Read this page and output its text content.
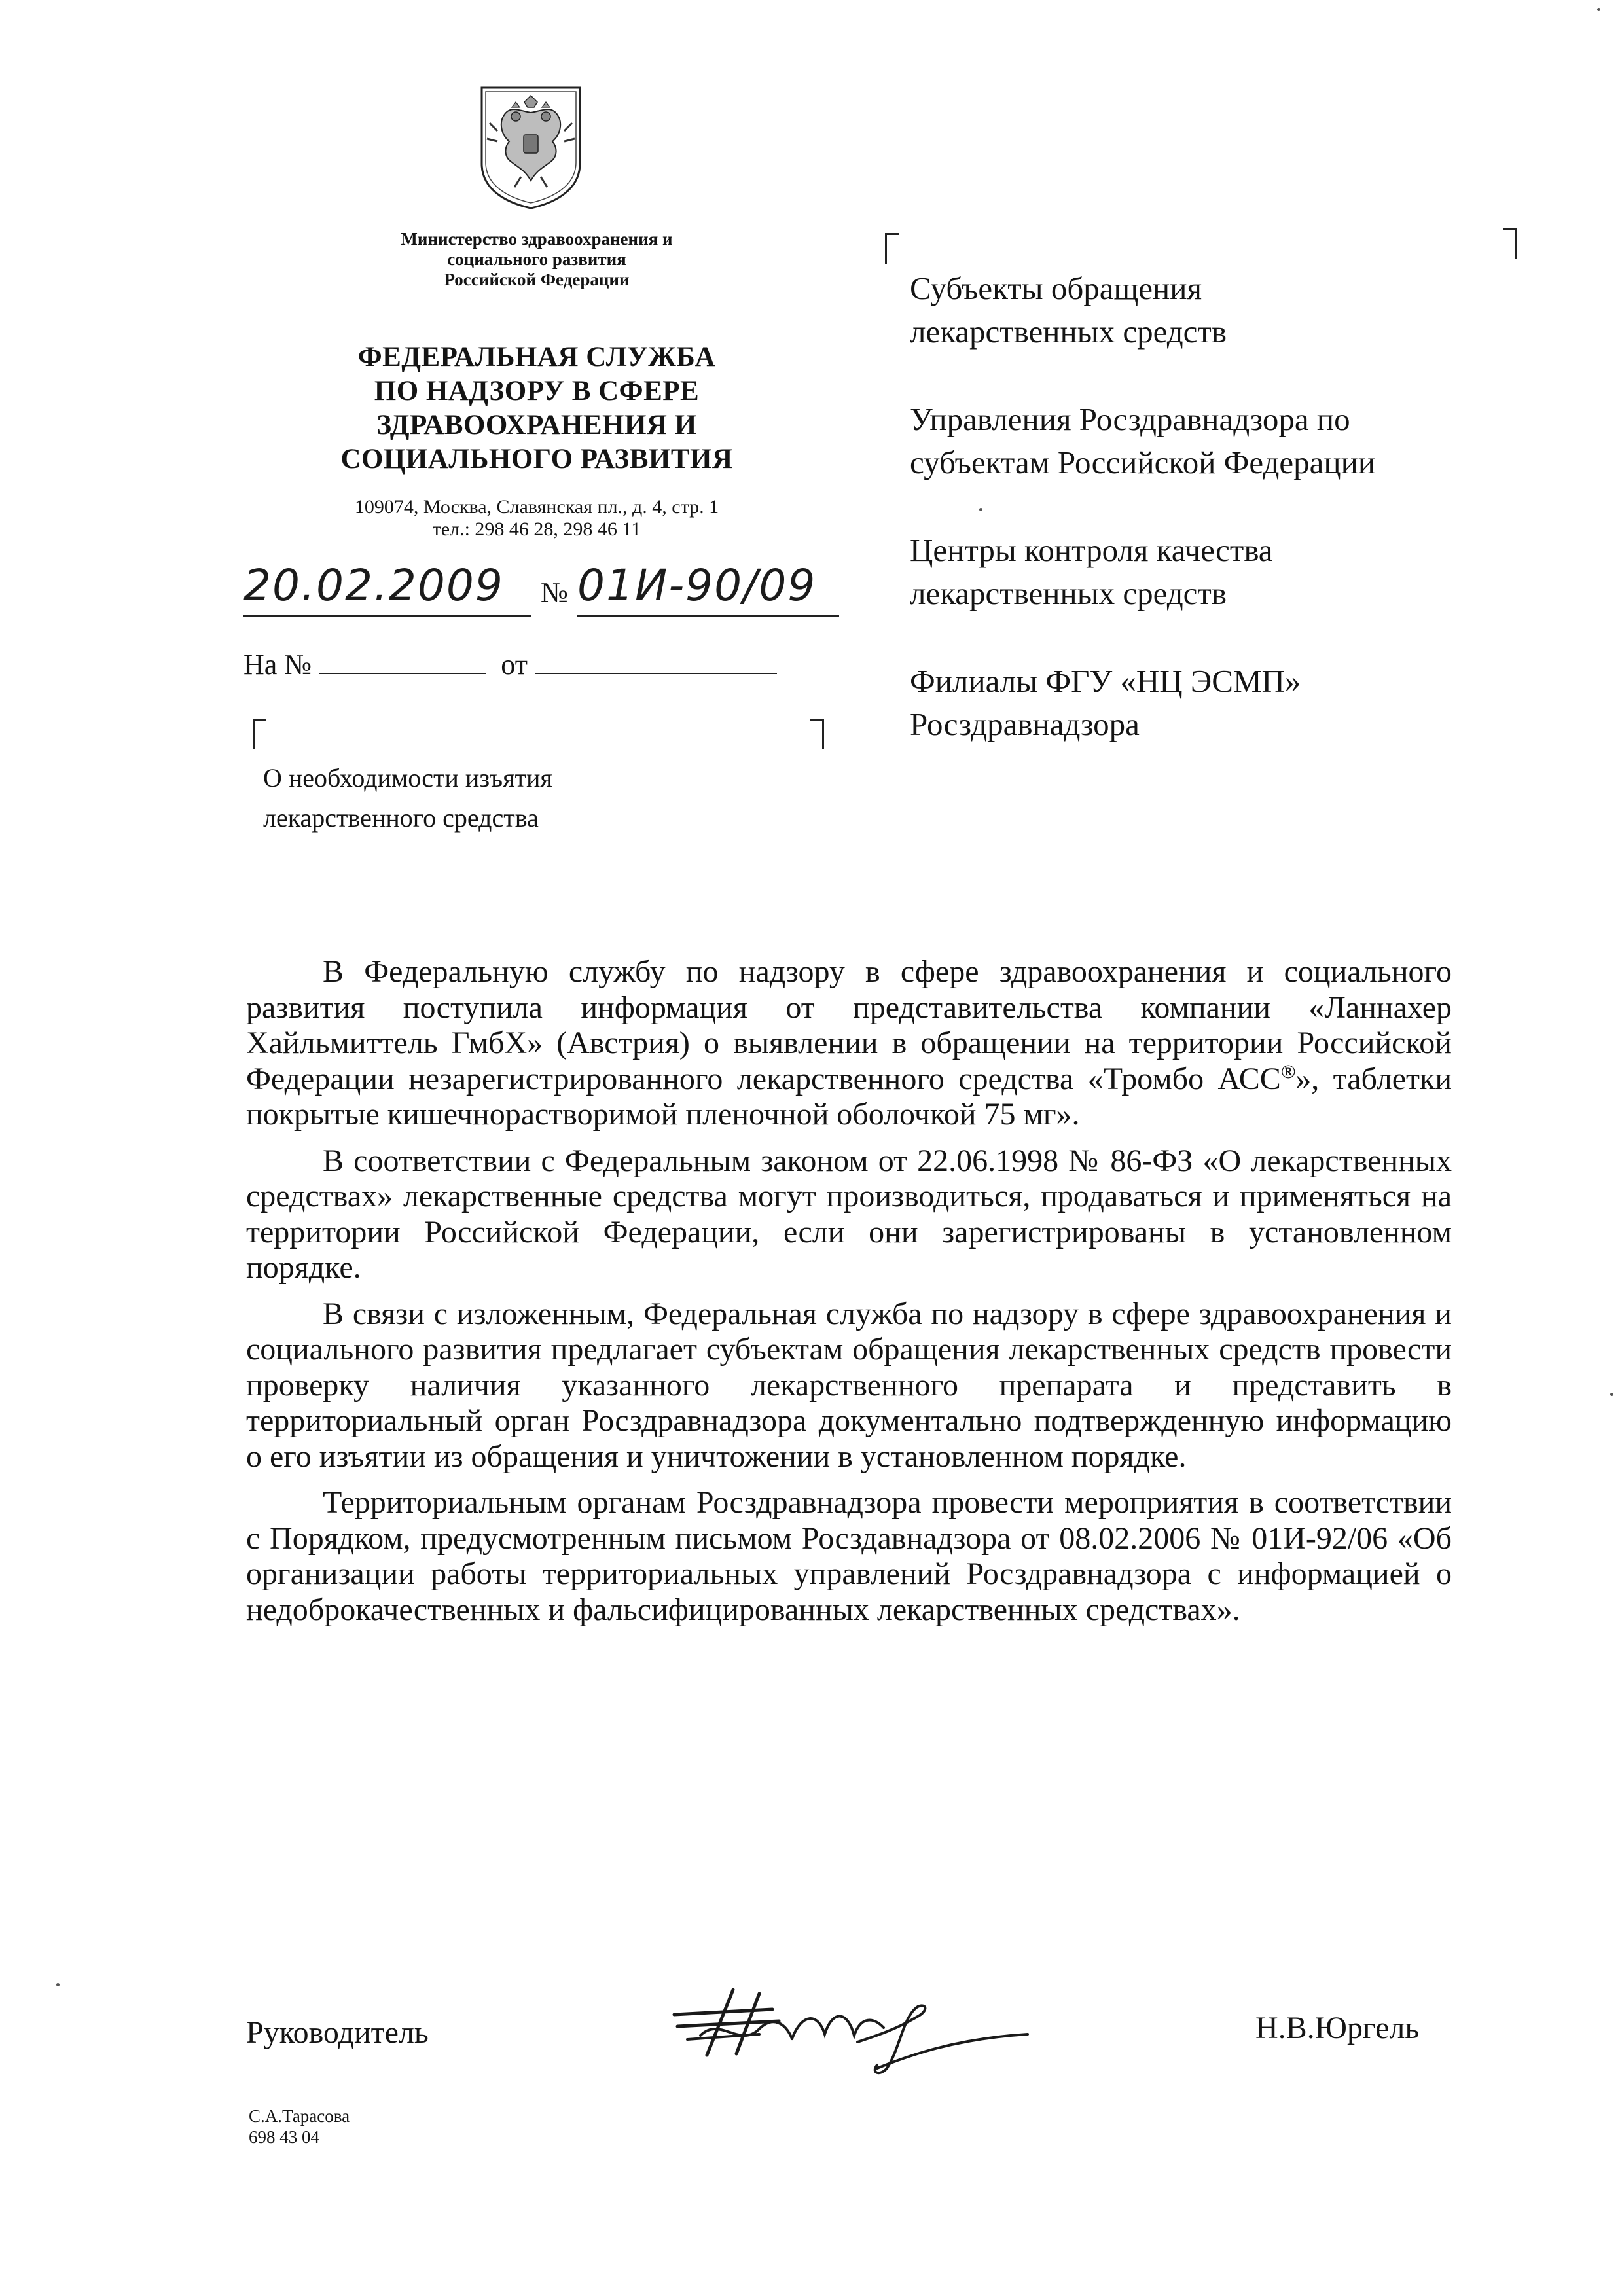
Министерство здравоохранения и
социального развития
Российской Федерации
ФЕДЕРАЛЬНАЯ СЛУЖБА
ПО НАДЗОРУ В СФЕРЕ
ЗДРАВООХРАНЕНИЯ И
СОЦИАЛЬНОГО РАЗВИТИЯ
109074, Москва, Славянская пл., д. 4, стр. 1
тел.: 298 46 28, 298 46 11
20.02.2009	№ 01И-90/09
На №	от
О необходимости изъятия
лекарственного средства
Субъекты обращения
лекарственных средств
Управления Росздравнадзора по
субъектам Российской Федерации
Центры контроля качества
лекарственных средств
Филиалы ФГУ «НЦ ЭСМП»
Росздравнадзора

В Федеральную службу по надзору в сфере здравоохранения и социального развития поступила информация от представительства компании «Ланнахер Хайльмиттель ГмбХ» (Австрия) о выявлении в обращении на территории Российской Федерации незарегистрированного лекарственного средства «Тромбо АСС®», таблетки покрытые кишечнорастворимой пленочной оболочкой 75 мг».

В соответствии с Федеральным законом от 22.06.1998 № 86-ФЗ «О лекарственных средствах» лекарственные средства могут производиться, продаваться и применяться на территории Российской Федерации, если они зарегистрированы в установленном порядке.

В связи с изложенным, Федеральная служба по надзору в сфере здравоохранения и социального развития предлагает субъектам обращения лекарственных средств провести проверку наличия указанного лекарственного препарата и представить в территориальный орган Росздравнадзора документально подтвержденную информацию о его изъятии из обращения и уничтожении в установленном порядке.

Территориальным органам Росздравнадзора провести мероприятия в соответствии с Порядком, предусмотренным письмом Росздавнадзора от 08.02.2006 № 01И-92/06 «Об организации работы территориальных управлений Росздравнадзора с информацией о недоброкачественных и фальсифицированных лекарственных средствах».

Руководитель	Н.В.Юргель
С.А.Тарасова
698 43 04
